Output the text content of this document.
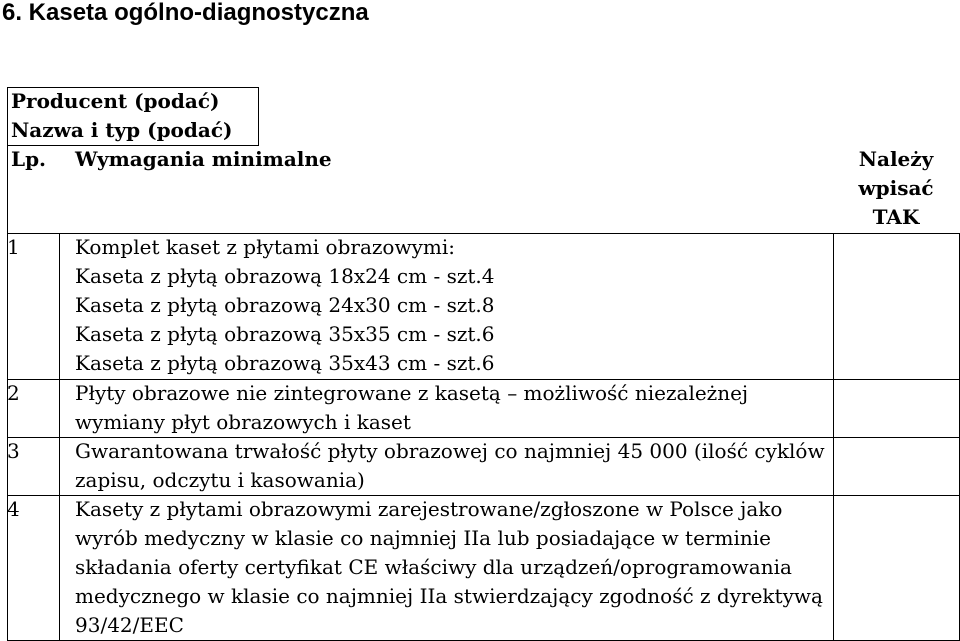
6. Kaseta ogólno-diagnostyczna
Producent (podać)
Nazwa i typ (podać)
Lp. Wymagania minimalne	Należy
wpisać
TAK
1	Komplet kaset z płytami obrazowymi:
Kaseta z płytą obrazową 18x24 cm - szt.4
Kaseta z płytą obrazową 24x30 cm - szt.8
Kaseta z płytą obrazową 35x35 cm - szt.6
Kaseta z płytą obrazową 35x43 cm - szt.6
2	Płyty obrazowe nie zintegrowane z kasetą – możliwość niezależnej
wymiany płyt obrazowych i kaset
3	Gwarantowana trwałość płyty obrazowej co najmniej 45 000 (ilość cyklów
zapisu, odczytu i kasowania)
4	Kasety z płytami obrazowymi zarejestrowane/zgłoszone w Polsce jako
wyrób medyczny w klasie co najmniej IIa lub posiadające w terminie
składania oferty certyfikat CE właściwy dla urządzeń/oprogramowania
medycznego w klasie co najmniej IIa stwierdzający zgodność z dyrektywą
93/42/EEC
